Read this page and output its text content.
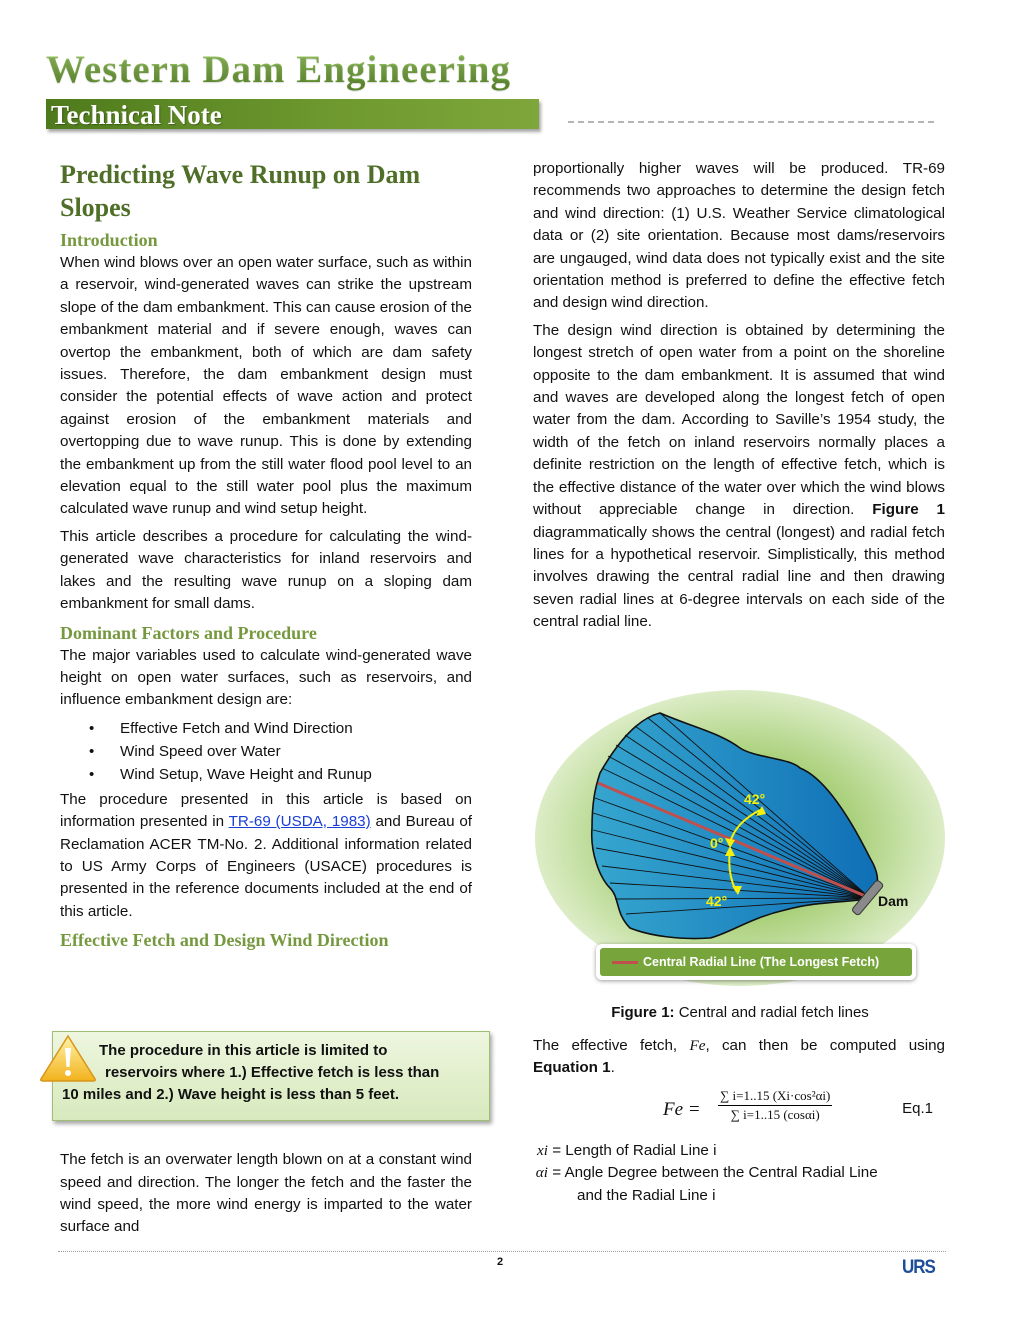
Western Dam Engineering
Technical Note
Predicting Wave Runup on Dam Slopes
Introduction

When wind blows over an open water surface, such as within a reservoir, wind-generated waves can strike the upstream slope of the dam embankment. This can cause erosion of the embankment material and if severe enough, waves can overtop the embankment, both of which are dam safety issues. Therefore, the dam embankment design must consider the potential effects of wave action and protect against erosion of the embankment materials and overtopping due to wave runup. This is done by extending the embankment up from the still water flood pool level to an elevation equal to the still water pool plus the maximum calculated wave runup and wind setup height.

This article describes a procedure for calculating the wind-generated wave characteristics for inland reservoirs and lakes and the resulting wave runup on a sloping dam embankment for small dams.

Dominant Factors and Procedure

The major variables used to calculate wind-generated wave height on open water surfaces, such as reservoirs, and influence embankment design are:

• Effective Fetch and Wind Direction
• Wind Speed over Water
• Wind Setup, Wave Height and Runup

The procedure presented in this article is based on information presented in TR-69 (USDA, 1983) and Bureau of Reclamation ACER TM-No. 2. Additional information related to US Army Corps of Engineers (USACE) procedures is presented in the reference documents included at the end of this article.

Effective Fetch and Design Wind Direction
The procedure in this article is limited to
reservoirs where 1.) Effective fetch is less than
10 miles and 2.) Wave height is less than 5 feet.

The fetch is an overwater length blown on at a constant wind speed and direction. The longer the fetch and the faster the wind speed, the more wind energy is imparted to the water surface and

proportionally higher waves will be produced. TR-69 recommends two approaches to determine the design fetch and wind direction: (1) U.S. Weather Service climatological data or (2) site orientation. Because most dams/reservoirs are ungauged, wind data does not typically exist and the site orientation method is preferred to define the effective fetch and design wind direction.

The design wind direction is obtained by determining the longest stretch of open water from a point on the shoreline opposite to the dam embankment. It is assumed that wind and waves are developed along the longest fetch of open water from the dam. According to Saville’s 1954 study, the width of the fetch on inland reservoirs normally places a definite restriction on the length of effective fetch, which is the effective distance of the water over which the wind blows without appreciable change in direction. Figure 1 diagrammatically shows the central (longest) and radial fetch lines for a hypothetical reservoir. Simplistically, this method involves drawing the central radial line and then drawing seven radial lines at 6-degree intervals on each side of the central radial line.

42°
0°
42°	Dam
Central Radial Line (The Longest Fetch)
Figure 1: Central and radial fetch lines
The effective fetch, Fe, can then be computed using Equation 1.
$Fe = \frac{\text{∑ i=1..15 (Xi·cos²αi)}}{\sum i=1..15 (\cos\alpha i)}$	Eq.1
xi = Length of Radial Line i
αi = Angle Degree between the Central Radial Line
and the Radial Line i
2	URS
